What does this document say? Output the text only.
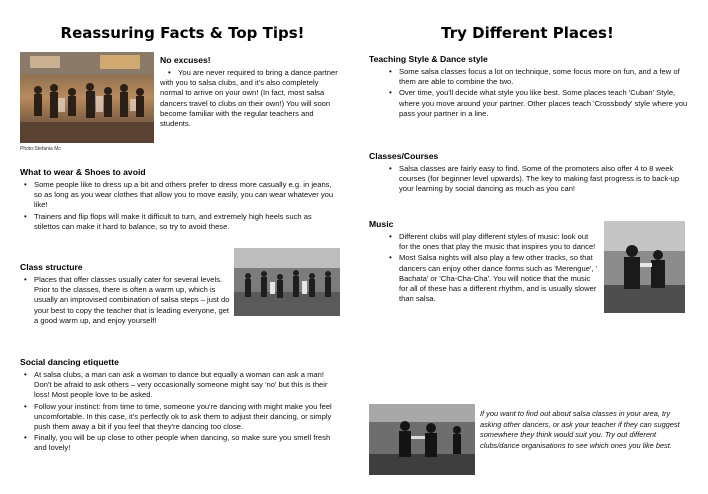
Reassuring Facts & Top Tips!
Photo:Stefania Mc
No excuses!
• You are never required to bring a dance partner with you to salsa clubs, and it's also completely normal to arrive on your own! (In fact, most salsa dancers travel to clubs on their own!) You will soon become familiar with the regular teachers and students.
What to wear & Shoes to avoid
• Some people like to dress up a bit and others prefer to dress more casually e.g. in jeans, so as long as you wear clothes that allow you to move easily, you can wear whatever you like!
• Trainers and flip flops will make it difficult to turn, and extremely high heels such as stilettos can make it hard to balance, so try to avoid these.
Class structure
• Places that offer classes usually cater for several levels. Prior to the classes, there is often a warm up, which is usually an improvised combination of salsa steps – just do your best to copy the teacher that is leading everyone, get a good warm up, and enjoy yourself!
Social dancing etiquette
• At salsa clubs, a man can ask a woman to dance but equally a woman can ask a man! Don't be afraid to ask others – very occasionally someone might say 'no' but this is their loss! Most people love to be asked.
• Follow your instinct: from time to time, someone you're dancing with might make you feel uncomfortable. In this case, it's perfectly ok to ask them to adjust their dancing, or simply push them away a bit if you feel that they're dancing too close.
• Finally, you will be up close to other people when dancing, so make sure you smell fresh and lovely!
Try Different Places!
Teaching Style & Dance style
• Some salsa classes focus a lot on technique, some focus more on fun, and a few of them are able to combine the two.
• Over time, you'll decide what style you like best. Some places teach 'Cuban' Style, where you move around your partner. Other places teach 'Crossbody' style where you pass your partner in a line.
Classes/Courses
• Salsa classes are fairly easy to find. Some of the promoters also offer 4 to 8 week courses (for beginner level upwards). The key to making fast progress is to back-up your learning by social dancing as much as you can!
Music
• Different clubs will play different styles of music: look out for the ones that play the music that inspires you to dance!
• Most Salsa nights will also play a few other tracks, so that dancers can enjoy other dance forms such as 'Merengue', ' Bachata' or 'Cha-Cha-Cha'. You will notice that the music for all of these has a different rhythm, and is usually slower than salsa.
If you want to find out about salsa classes in your area, try asking other dancers, or ask your teacher if they can suggest somewhere they think would suit you. Try out different clubs/dance organisations to see which ones you like best.
